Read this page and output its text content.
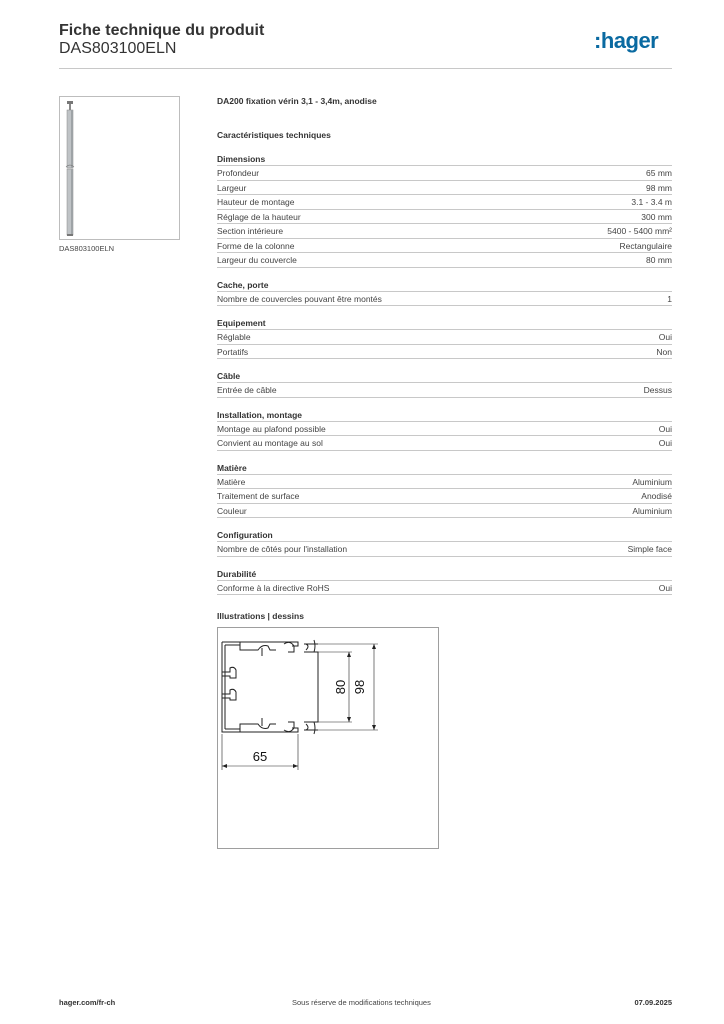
Fiche technique du produit
DAS803100ELN	:hager
DAS803100ELN
DA200 fixation vérin 3,1 - 3,4m, anodise
Caractéristiques techniques
Dimensions
Profondeur	65 mm
Largeur	98 mm
Hauteur de montage	3.1 - 3.4 m
Réglage de la hauteur	300 mm
Section intérieure	5400 - 5400 mm²
Forme de la colonne	Rectangulaire
Largeur du couvercle	80 mm
Cache, porte
Nombre de couvercles pouvant être montés	1
Equipement
Réglable	Oui
Portatifs	Non
Câble
Entrée de câble	Dessus
Installation, montage
Montage au plafond possible	Oui
Convient au montage au sol	Oui
Matière
Matière	Aluminium
Traitement de surface	Anodisé
Couleur	Aluminium
Configuration
Nombre de côtés pour l'installation	Simple face
Durabilité
Conforme à la directive RoHS	Oui
Illustrations | dessins
65
80 98
hager.com/fr-ch	Sous réserve de modifications techniques	07.09.2025
